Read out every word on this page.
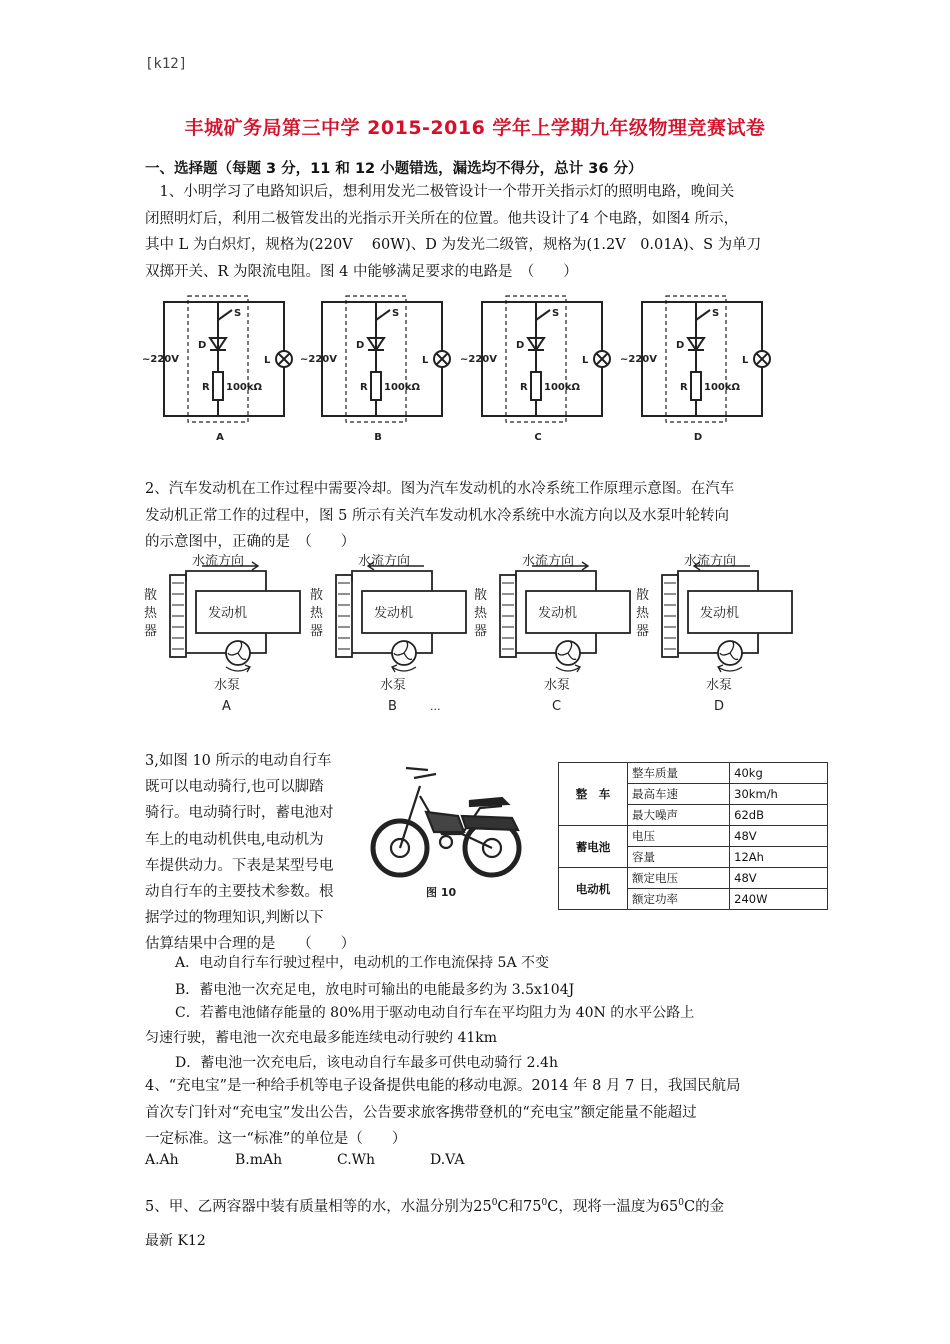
[k12]
丰城矿务局第三中学 2015-2016 学年上学期九年级物理竞赛试卷
一、选择题（每题 3 分，11 和 12 小题错选，漏选均不得分，总计 36 分）
　1、小明学习了电路知识后，想利用发光二极管设计一个带开关指示灯的照明电路，晚间关
闭照明灯后，利用二极管发出的光指示开关所在的位置。他共设计了4 个电路，如图4 所示，
其中 L 为白炽灯，规格为(220V　 60W)、D 为发光二级管，规格为(1.2V　0.01A)、S 为单刀
双掷开关、R 为限流电阻。图 4 中能够满足要求的电路是　（　　）
~220V
S
D
R 100kΩ
L
A
~220V
S
D
R 100kΩ
L
B
~220V
S
D
R 100kΩ
L
C
~220V
S
D
R 100kΩ
L
D
2、汽车发动机在工作过程中需要冷却。图为汽车发动机的水冷系统工作原理示意图。在汽车
发动机正常工作的过程中，图 5 所示有关汽车发动机水冷系统中水流方向以及水泵叶轮转向
的示意图中，正确的是　（　　）
水流方向
发动机
散
热
器
水泵
A
水流方向
发动机
散
热
器
水泵
B
水流方向
发动机
散
热
器
水泵
C
水流方向
发动机
散
热
器
水泵
D
...
3,如图 10 所示的电动自行车
既可以电动骑行,也可以脚踏
骑行。电动骑行时，蓄电池对
车上的电动机供电,电动机为
车提供动力。下表是某型号电
动自行车的主要技术参数。根
据学过的物理知识,判断以下
估算结果中合理的是　　（　　）
图 10
整　车	整车质量	40kg
	最高车速	30km/h
	最大噪声	62dB
蓄电池	电压	48V
	容量	12Ah
电动机	额定电压	48V
	额定功率	240W
A．电动自行车行驶过程中，电动机的工作电流保持 5A 不变
B．蓄电池一次充足电，放电时可输出的电能最多约为 3.5x104J
C．若蓄电池储存能量的 80%用于驱动电动自行车在平均阻力为 40N 的水平公路上
匀速行驶，蓄电池一次充电最多能连续电动行驶约 41km
D．蓄电池一次充电后，该电动自行车最多可供电动骑行 2.4h
4、“充电宝”是一种给手机等电子设备提供电能的移动电源。2014 年 8 月 7 日，我国民航局
首次专门针对“充电宝”发出公告，公告要求旅客携带登机的“充电宝”额定能量不能超过
一定标准。这一“标准”的单位是（　　）
A.Ah	B.mAh	C.Wh	D.VA
5、甲、乙两容器中装有质量相等的水，水温分别为$25^0C$和$75^0C$，现将一温度为$65^0C$的金
最新 K12
